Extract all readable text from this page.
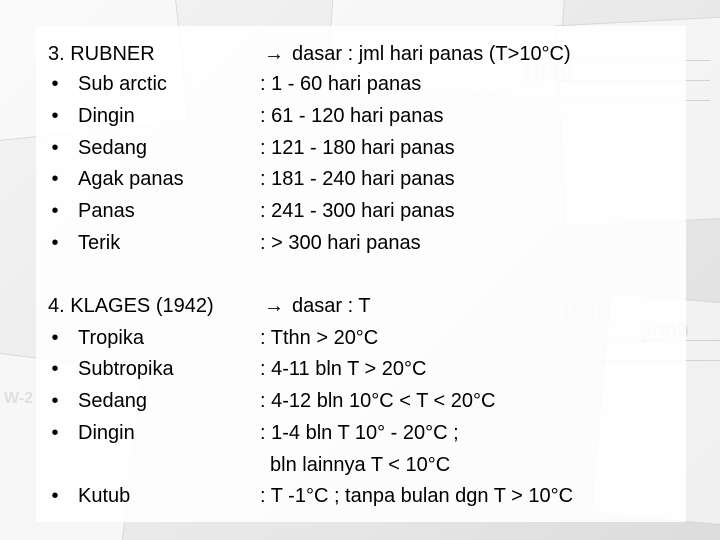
W-2
3. RUBNER	→ dasar : jml hari panas (T>10°C)
• Sub arctic	: 1 - 60 hari panas
• Dingin	: 61 - 120 hari panas
• Sedang	: 121 - 180 hari panas
• Agak panas	: 181 - 240 hari panas
• Panas	: 241 - 300 hari panas
• Terik	: > 300 hari panas
4. KLAGES (1942)	→ dasar : T
• Tropika	: Tthn > 20°C
• Subtropika	: 4-11 bln T > 20°C
• Sedang	: 4-12 bln 10°C < T < 20°C
• Dingin	: 1-4 bln T 10° - 20°C ;
bln lainnya T < 10°C
• Kutub	: T -1°C ; tanpa bulan dgn T > 10°C
